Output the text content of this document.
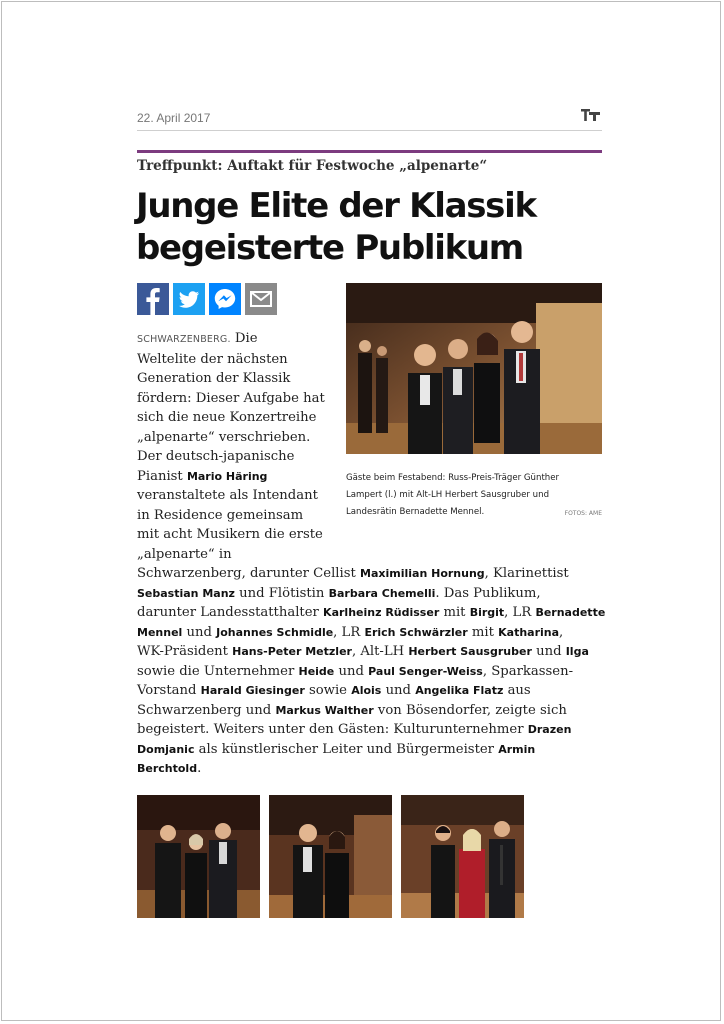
22. April 2017
Treffpunkt: Auftakt für Festwoche „alpenarte“
Junge Elite der Klassik
begeisterte Publikum
Gäste beim Festabend: Russ-Preis-Träger Günther
Lampert (l.) mit Alt-LH Herbert Sausgruber und
Landesrätin Bernadette Mennel.	FOTOS: AME
SCHWARZENBERG. Die
Weltelite der nächsten
Generation der Klassik
fördern: Dieser Aufgabe hat
sich die neue Konzertreihe
„alpenarte“ verschrieben.
Der deutsch-japanische
Pianist Mario Häring
veranstaltete als Intendant
in Residence gemeinsam
mit acht Musikern die erste
„alpenarte“ in
Schwarzenberg, darunter Cellist Maximilian Hornung, Klarinettist
Sebastian Manz und Flötistin Barbara Chemelli. Das Publikum,
darunter Landesstatthalter Karlheinz Rüdisser mit Birgit, LR Bernadette
Mennel und Johannes Schmidle, LR Erich Schwärzler mit Katharina,
WK-Präsident Hans-Peter Metzler, Alt-LH Herbert Sausgruber und Ilga
sowie die Unternehmer Heide und Paul Senger-Weiss, Sparkassen-
Vorstand Harald Giesinger sowie Alois und Angelika Flatz aus
Schwarzenberg und Markus Walther von Bösendorfer, zeigte sich
begeistert. Weiters unter den Gästen: Kulturunternehmer Drazen
Domjanic als künstlerischer Leiter und Bürgermeister Armin
Berchtold.
